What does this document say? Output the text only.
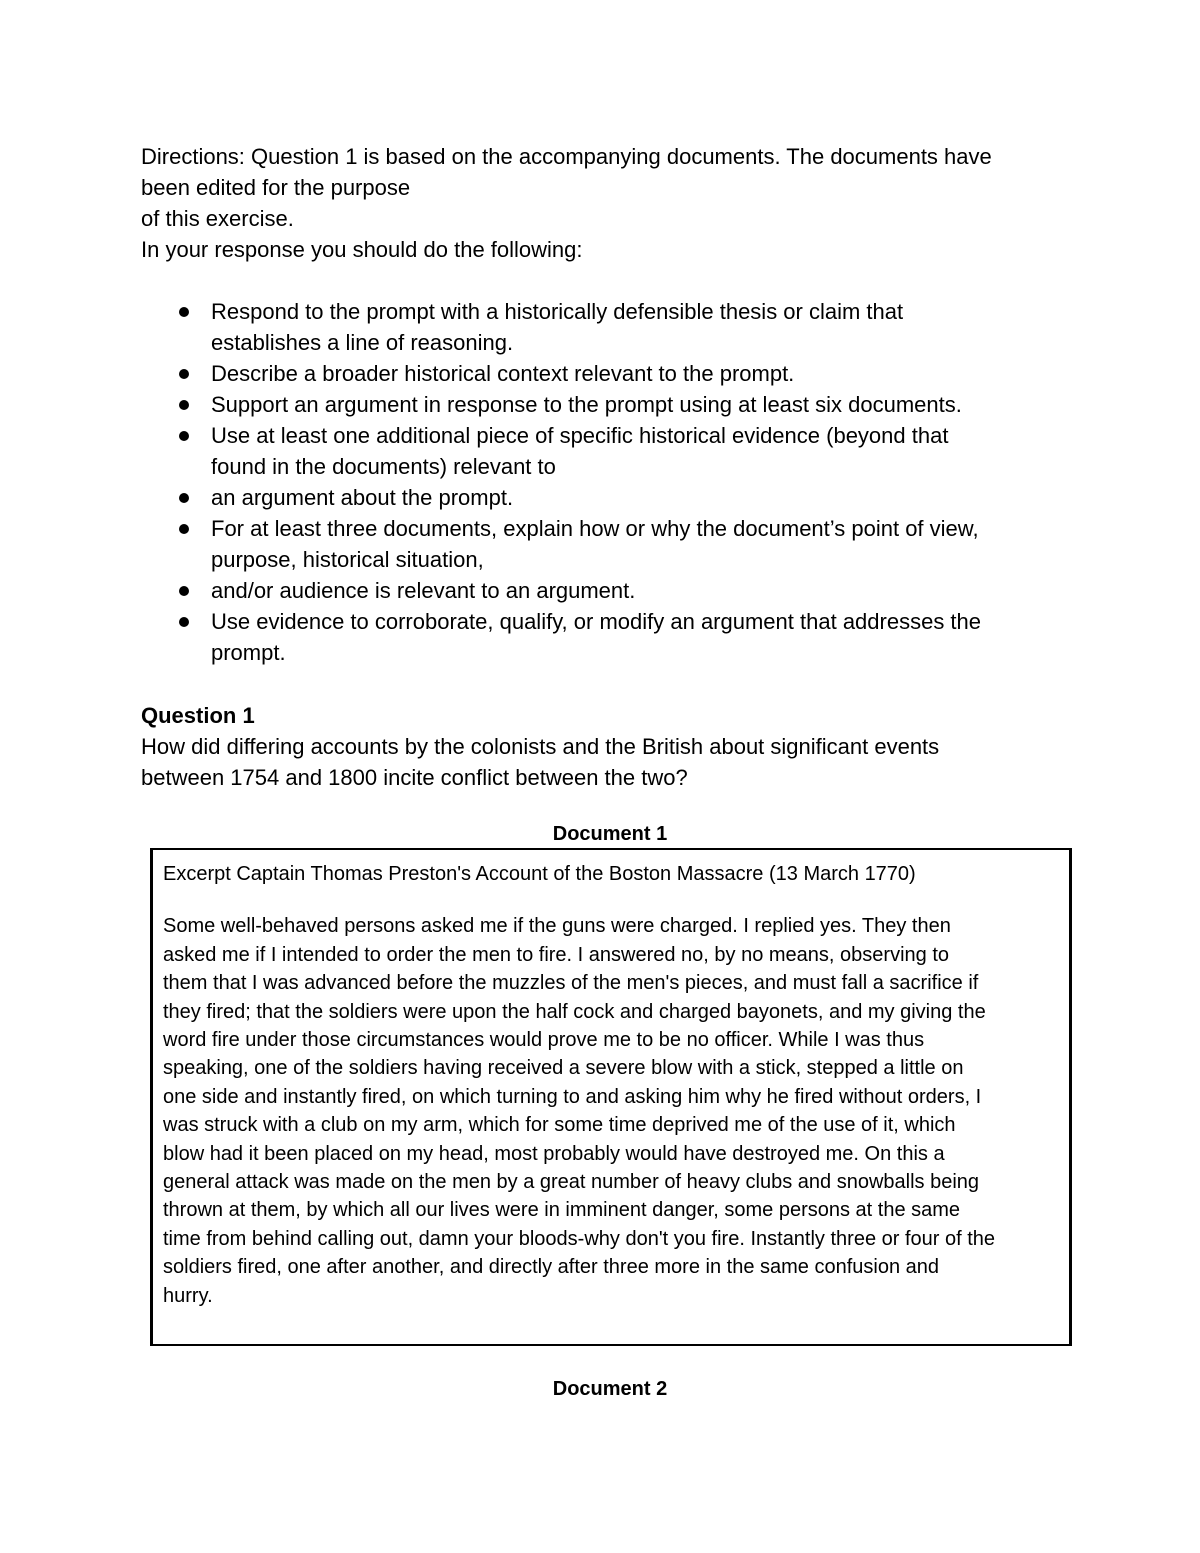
Directions: Question 1 is based on the accompanying documents. The documents have
been edited for the purpose
of this exercise.
In your response you should do the following:
Respond to the prompt with a historically defensible thesis or claim that
establishes a line of reasoning.
Describe a broader historical context relevant to the prompt.
Support an argument in response to the prompt using at least six documents.
Use at least one additional piece of specific historical evidence (beyond that
found in the documents) relevant to
an argument about the prompt.
For at least three documents, explain how or why the document’s point of view,
purpose, historical situation,
and/or audience is relevant to an argument.
Use evidence to corroborate, qualify, or modify an argument that addresses the
prompt.
Question 1
How did differing accounts by the colonists and the British about significant events
between 1754 and 1800 incite conflict between the two?
Document 1
Excerpt Captain Thomas Preston's Account of the Boston Massacre (13 March 1770)
Some well-behaved persons asked me if the guns were charged. I replied yes. They then
asked me if I intended to order the men to fire. I answered no, by no means, observing to
them that I was advanced before the muzzles of the men's pieces, and must fall a sacrifice if
they fired; that the soldiers were upon the half cock and charged bayonets, and my giving the
word fire under those circumstances would prove me to be no officer. While I was thus
speaking, one of the soldiers having received a severe blow with a stick, stepped a little on
one side and instantly fired, on which turning to and asking him why he fired without orders, I
was struck with a club on my arm, which for some time deprived me of the use of it, which
blow had it been placed on my head, most probably would have destroyed me. On this a
general attack was made on the men by a great number of heavy clubs and snowballs being
thrown at them, by which all our lives were in imminent danger, some persons at the same
time from behind calling out, damn your bloods-why don't you fire. Instantly three or four of the
soldiers fired, one after another, and directly after three more in the same confusion and
hurry.
Document 2
